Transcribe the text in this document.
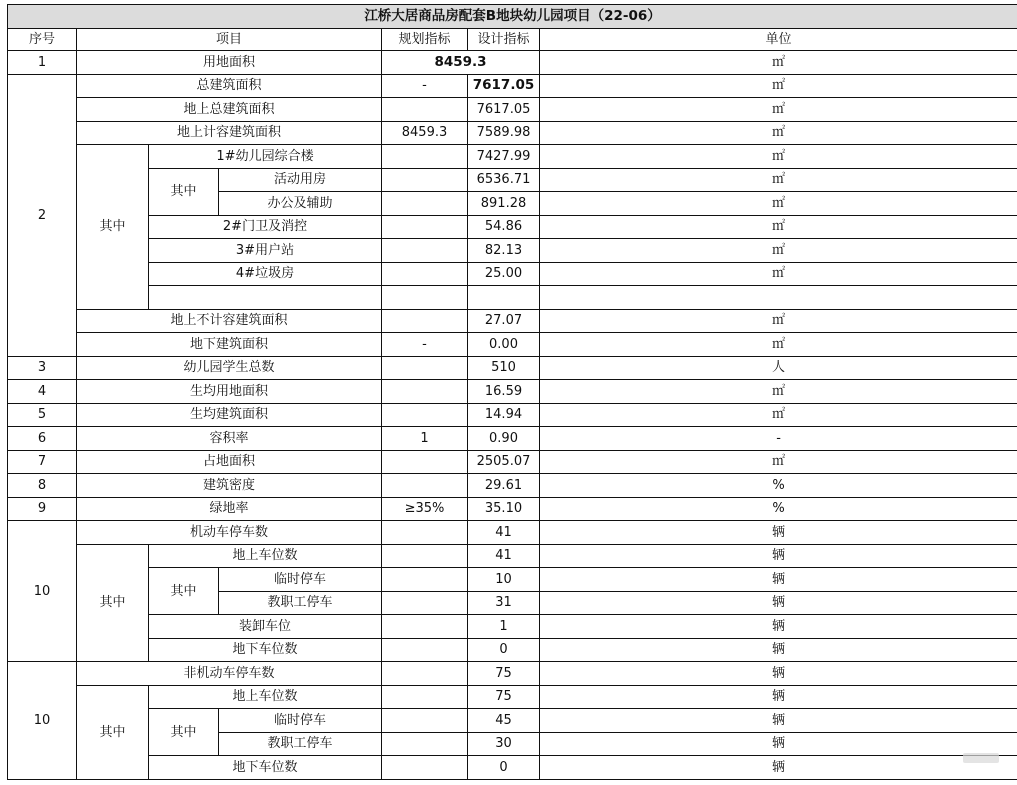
江桥大居商品房配套B地块幼儿园项目（22-06）							
序号	项目			规划指标	设计指标	单位	
1	用地面积			8459.3		㎡	
2	总建筑面积			-	7617.05	㎡	
	地上总建筑面积				7617.05	㎡	
	地上计容建筑面积			8459.3	7589.98	㎡	
	其中	1#幼儿园综合楼			7427.99	㎡	
		其中	活动用房		6536.71	㎡	
			办公及辅助		891.28	㎡	
		2#门卫及消控			54.86	㎡	
		3#用户站			82.13	㎡	
		4#垃圾房			25.00	㎡	

	地上不计容建筑面积				27.07	㎡	
	地下建筑面积			-	0.00	㎡	
3	幼儿园学生总数				510	人	
4	生均用地面积				16.59	㎡	
5	生均建筑面积				14.94	㎡	
6	容积率			1	0.90	-	
7	占地面积				2505.07	㎡	
8	建筑密度				29.61	%	
9	绿地率			≥35%	35.10	%	
10	机动车停车数				41	辆	
	其中	地上车位数			41	辆	
		其中	临时停车		10	辆	
			教职工停车		31	辆	
		装卸车位			1	辆	
		地下车位数			0	辆	
10	非机动车停车数				75	辆	
	其中	地上车位数			75	辆	
		其中	临时停车		45	辆	
			教职工停车		30	辆	
		地下车位数			0	辆	
